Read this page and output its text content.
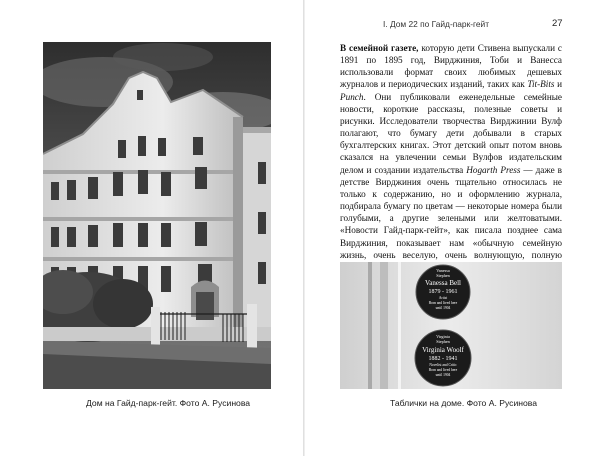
Дом на Гайд-парк-гейт. Фото А. Русинова
I. Дом 22 по Гайд-парк-гейт	27
В семейной газете, которую дети Стивена выпускали с 1891 по 1895 год, Вирджиния, Тоби и Ванесса использовали формат своих любимых дешевых журналов и периодических изданий, таких как Tit-Bits и Punch. Они публиковали еженедельные семейные новости, короткие рассказы, полезные советы и рисунки. Исследователи творчества Вирджинии Вулф полагают, что бумагу дети добывали в старых бухгалтерских книгах. Этот детский опыт потом вновь сказался на увлечении семьи Вулфов издательским делом и создании издательства Hogarth Press — даже в детстве Вирджиния очень тщательно относилась не только к содержанию, но и оформлению журнала, подбирала бумагу по цветам — некоторые номера были голубыми, а другие зелеными или желтоватыми. «Новости Гайд-парк-гейт», как писала позднее сама Вирджиния, показывает нам «обычную семейную жизнь, очень веселую, очень волнующую, полную
Vanessa
Stephen
Vanessa Bell
1879 - 1961
Artist
Born and lived here
until 1904
Virginia
Stephen
Virginia Woolf
1882 - 1941
Novelist and Critic
Born and lived here
until 1904
Таблички на доме. Фото А. Русинова
